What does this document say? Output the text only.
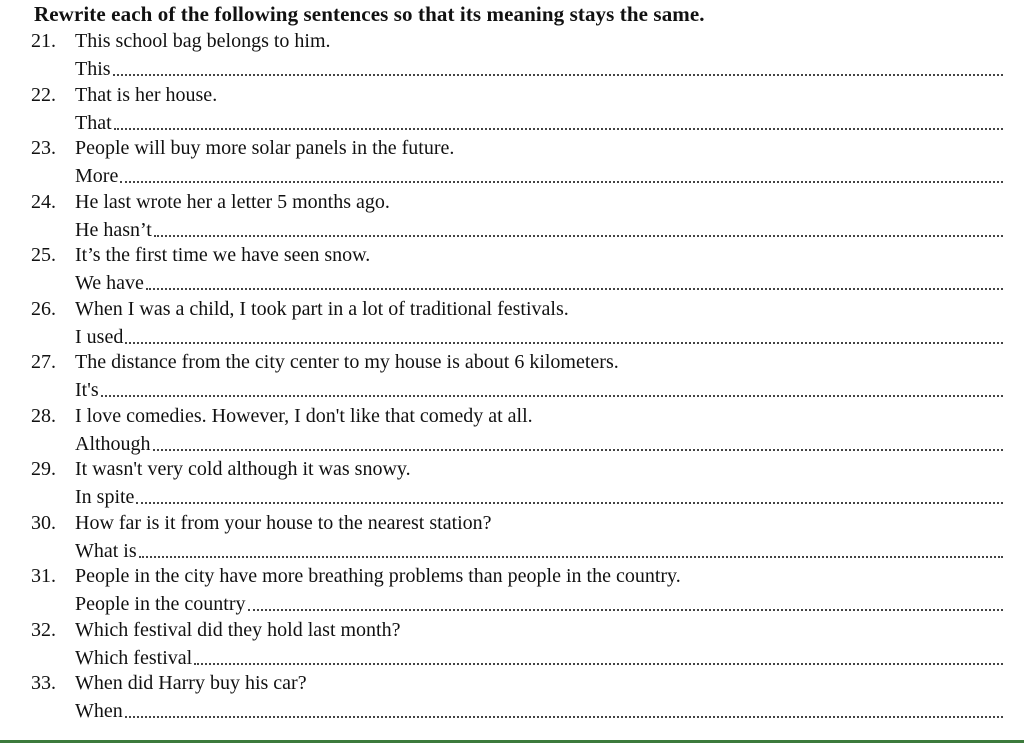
Rewrite each of the following sentences so that its meaning stays the same.
21. This school bag belongs to him.
This
22. That is her house.
That
23. People will buy more solar panels in the future.
More
24. He last wrote her a letter 5 months ago.
He hasn’t
25. It’s the first time we have seen snow.
We have
26. When I was a child, I took part in a lot of traditional festivals.
I used
27. The distance from the city center to my house is about 6 kilometers.
It's
28. I love comedies. However, I don't like that comedy at all.
Although
29. It wasn't very cold although it was snowy.
In spite
30. How far is it from your house to the nearest station?
What is
31. People in the city have more breathing problems than people in the country.
People in the country
32. Which festival did they hold last month?
Which festival
33. When did Harry buy his car?
When
